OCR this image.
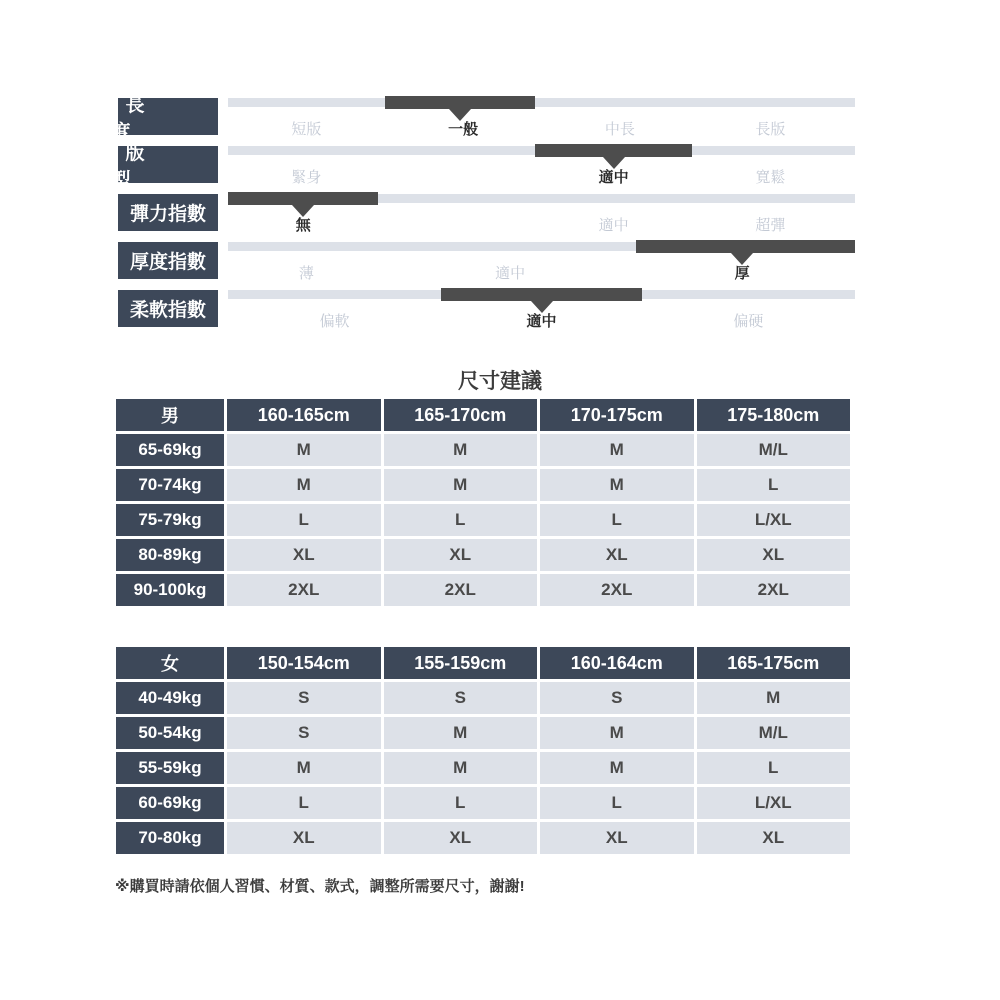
長　　度	短版	一般	中長	長版
版　　型	緊身	適中	寬鬆
彈力指數
無	適中	超彈
厚度指數
薄	適中	厚
柔軟指數
偏軟	適中	偏硬
尺寸建議
男	160-165cm	165-170cm	170-175cm	175-180cm
65-69kg	M	M	M	M/L
70-74kg	M	M	M	L
75-79kg	L	L	L	L/XL
80-89kg	XL	XL	XL	XL
90-100kg	2XL	2XL	2XL	2XL
女	150-154cm	155-159cm	160-164cm	165-175cm
40-49kg	S	S	S	M
50-54kg	S	M	M	M/L
55-59kg	M	M	M	L
60-69kg	L	L	L	L/XL
70-80kg	XL	XL	XL	XL
※購買時請依個人習慣、材質、款式，調整所需要尺寸，謝謝!
